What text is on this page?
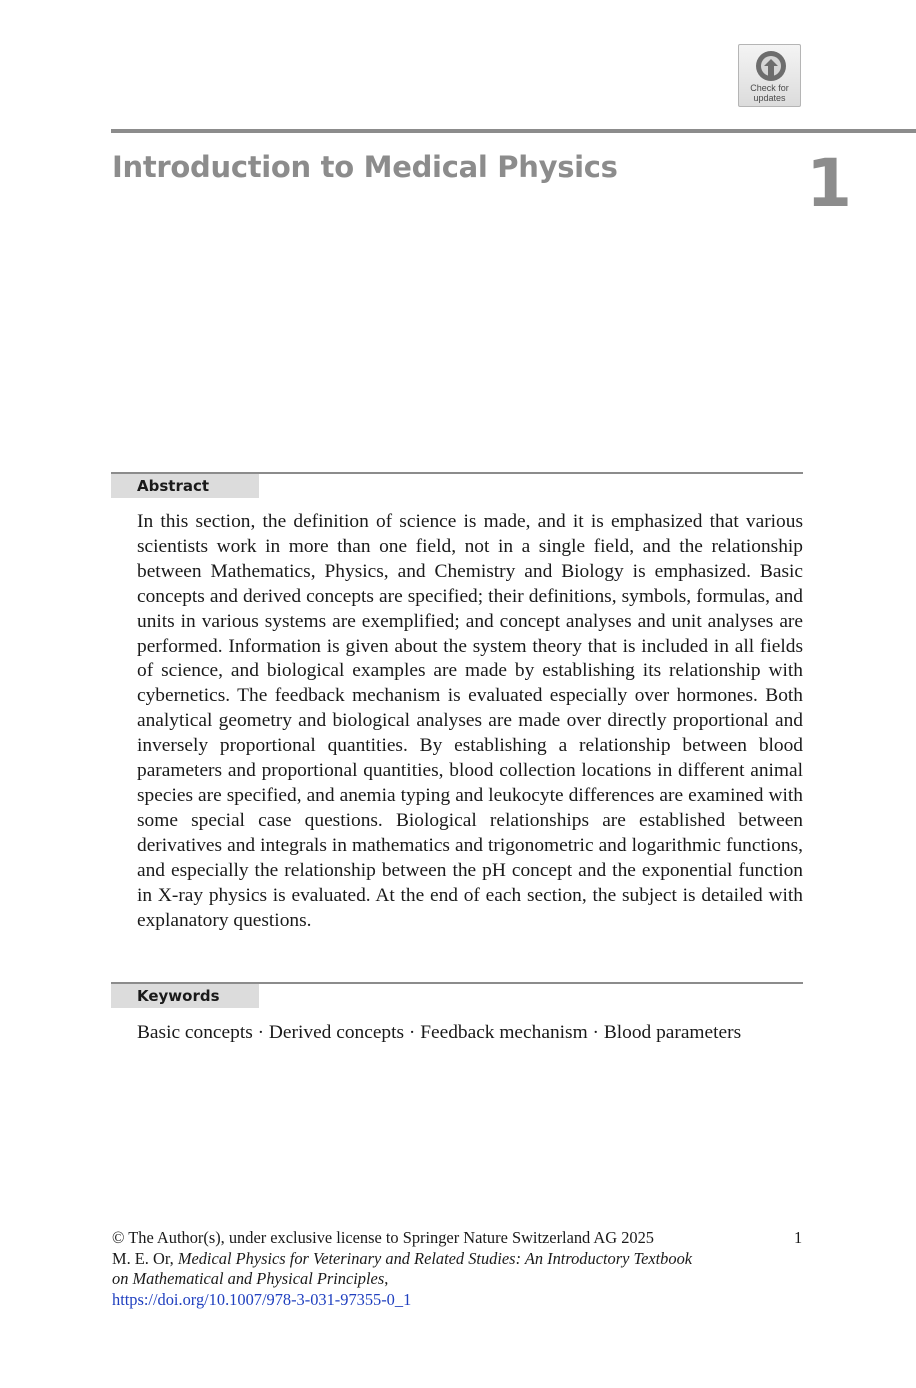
Check for
updates
Introduction to Medical Physics	1
Abstract

In this section, the definition of science is made, and it is emphasized that various scientists work in more than one field, not in a single field, and the relationship between Mathematics, Physics, and Chemistry and Biology is emphasized. Basic concepts and derived concepts are specified; their definitions, symbols, formulas, and units in various systems are exemplified; and concept analyses and unit analyses are performed. Information is given about the system theory that is included in all fields of science, and biological examples are made by establishing its relationship with cybernetics. The feedback mechanism is evaluated especially over hormones. Both analytical geometry and biological analyses are made over directly proportional and inversely proportional quantities. By establishing a relationship between blood parameters and proportional quantities, blood collection locations in different animal species are specified, and anemia typing and leukocyte differences are examined with some special case questions. Biological relationships are established between derivatives and integrals in mathematics and trigonometric and logarithmic functions, and especially the relationship between the pH concept and the exponential function in X-ray physics is evaluated. At the end of each section, the subject is detailed with explanatory questions.

Keywords

Basic concepts · Derived concepts · Feedback mechanism · Blood parameters

© The Author(s), under exclusive license to Springer Nature Switzerland AG 2025

M. E. Or, Medical Physics for Veterinary and Related Studies: An Introductory Textbook on Mathematical and Physical Principles,

https://doi.org/10.1007/978-3-031-97355-0_1

1
